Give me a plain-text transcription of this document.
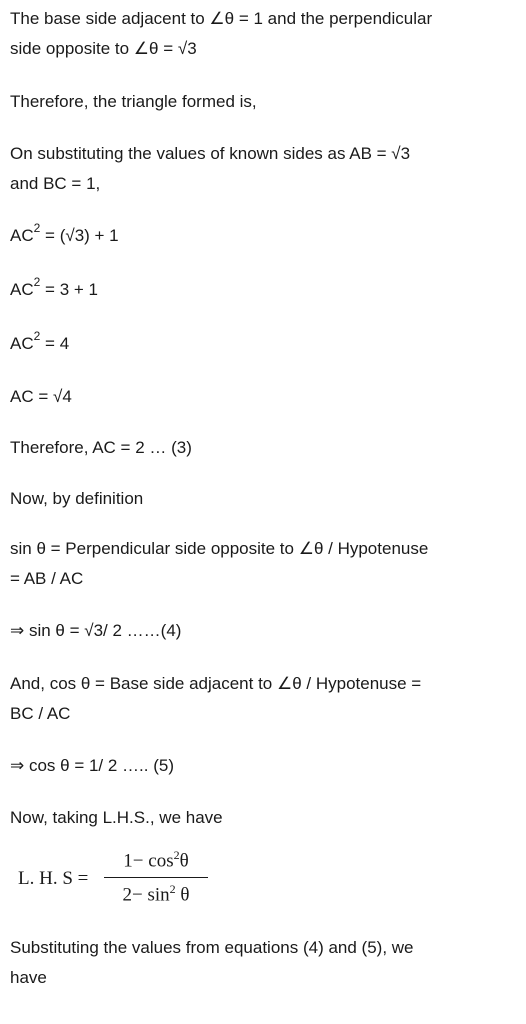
The base side adjacent to ∠θ = 1 and the perpendicular
side opposite to ∠θ = √3
Therefore, the triangle formed is,
On substituting the values of known sides as AB = √3
and BC = 1,
$AC^2 = (√3) + 1$
$AC^2 = 3 + 1$
$AC^2 = 4$
AC = √4
Therefore, AC = 2 … (3)
Now, by definition
sin θ = Perpendicular side opposite to ∠θ / Hypotenuse
= AB / AC
⇒ sin θ = √3/ 2 ……(4)
And, cos θ = Base side adjacent to ∠θ / Hypotenuse =
BC / AC
⇒ cos θ = 1/ 2 ….. (5)
Now, taking L.H.S., we have
L. H. S =
$1- \cos^2\theta$
$2- \sin^2 \theta$
Substituting the values from equations (4) and (5), we
have
